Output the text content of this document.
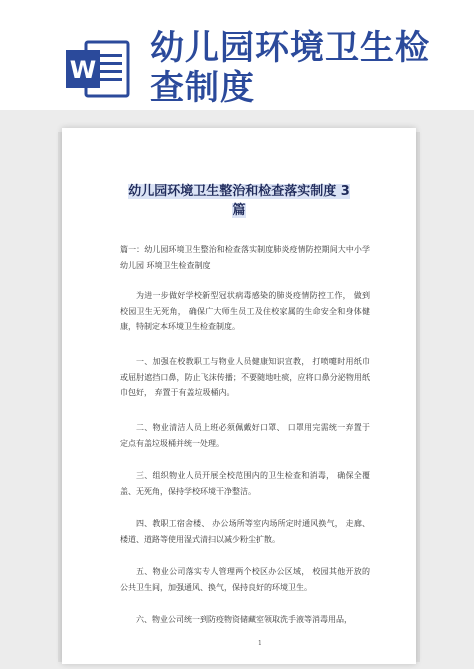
W
幼儿园环境卫生检
查制度
幼儿园环境卫生整治和检查落实制度 3
篇

篇一：幼儿园环境卫生整治和检查落实制度肺炎疫情防控期间大中小学幼儿园 环境卫生检查制度

为进一步做好学校新型冠状病毒感染的肺炎疫情防控工作， 做到校园卫生无死角， 确保广大师生员工及住校家属的生命安全和身体健康，特制定本环境卫生检查制度。

一、加强在校教职工与物业人员健康知识宣教， 打喷嚏时用纸巾或屈肘遮挡口鼻，防止飞沫传播；不要随地吐痰，应将口鼻分泌物用纸巾包好， 弃置于有盖垃圾桶内。

二、物业清洁人员上班必须佩戴好口罩、 口罩用完需统一弃置于定点有盖垃圾桶并统一处理。

三、组织物业人员开展全校范围内的卫生检查和消毒， 确保全覆盖、无死角，保持学校环境干净整洁。

四、教职工宿舍楼、 办公场所等室内场所定时通风换气， 走廊、楼道、道路等使用湿式清扫以减少粉尘扩散。

五、物业公司落实专人管理两个校区办公区域， 校园其他开放的公共卫生间，加强通风、换气，保持良好的环境卫生。

六、物业公司统一到防疫物资储藏室领取洗手液等消毒用品，

1
